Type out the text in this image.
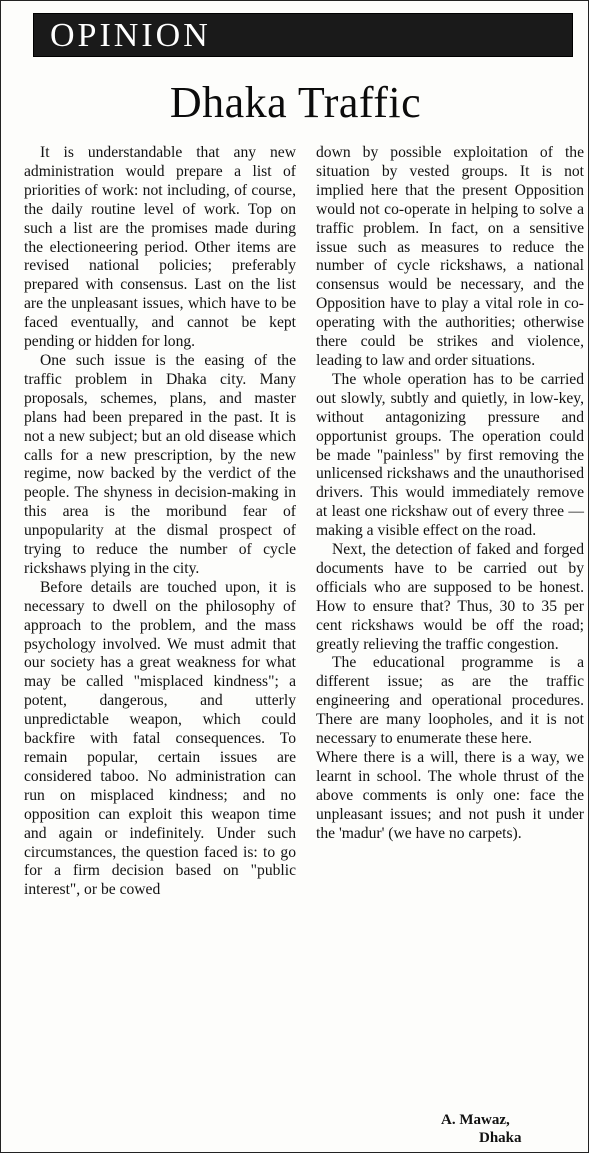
OPINION
Dhaka Traffic

It is understandable that any new administration would prepare a list of priorities of work: not including, of course, the daily routine level of work. Top on such a list are the promises made during the electioneering period. Other items are revised national policies; preferably prepared with consensus. Last on the list are the unpleasant issues, which have to be faced eventually, and cannot be kept pending or hidden for long.

One such issue is the easing of the traffic problem in Dhaka city. Many proposals, schemes, plans, and master plans had been prepared in the past. It is not a new subject; but an old disease which calls for a new prescription, by the new regime, now backed by the verdict of the people. The shyness in decision-making in this area is the moribund fear of unpopularity at the dismal prospect of trying to reduce the number of cycle rickshaws plying in the city.

Before details are touched upon, it is necessary to dwell on the philosophy of approach to the problem, and the mass psychology involved. We must admit that our society has a great weakness for what may be called "misplaced kindness"; a potent, dangerous, and utterly unpredictable weapon, which could backfire with fatal consequences. To remain popular, certain issues are considered taboo. No administration can run on misplaced kindness; and no opposition can exploit this weapon time and again or indefinitely. Under such circumstances, the question faced is: to go for a firm decision based on "public interest", or be cowed

down by possible exploitation of the situation by vested groups. It is not implied here that the present Opposition would not co-operate in helping to solve a traffic problem. In fact, on a sensitive issue such as measures to reduce the number of cycle rickshaws, a national consensus would be necessary, and the Opposition have to play a vital role in co-operating with the authorities; otherwise there could be strikes and violence, leading to law and order situations.

The whole operation has to be carried out slowly, subtly and quietly, in low-key, without antagonizing pressure and opportunist groups. The operation could be made "painless" by first removing the unlicensed rickshaws and the unauthorised drivers. This would immediately remove at least one rickshaw out of every three — making a visible effect on the road.

Next, the detection of faked and forged documents have to be carried out by officials who are supposed to be honest. How to ensure that? Thus, 30 to 35 per cent rickshaws would be off the road; greatly relieving the traffic congestion.

The educational programme is a different issue; as are the traffic engineering and operational procedures. There are many loopholes, and it is not necessary to enumerate these here.

Where there is a will, there is a way, we learnt in school. The whole thrust of the above comments is only one: face the unpleasant issues; and not push it under the 'madur' (we have no carpets).

A. Mawaz,
Dhaka
